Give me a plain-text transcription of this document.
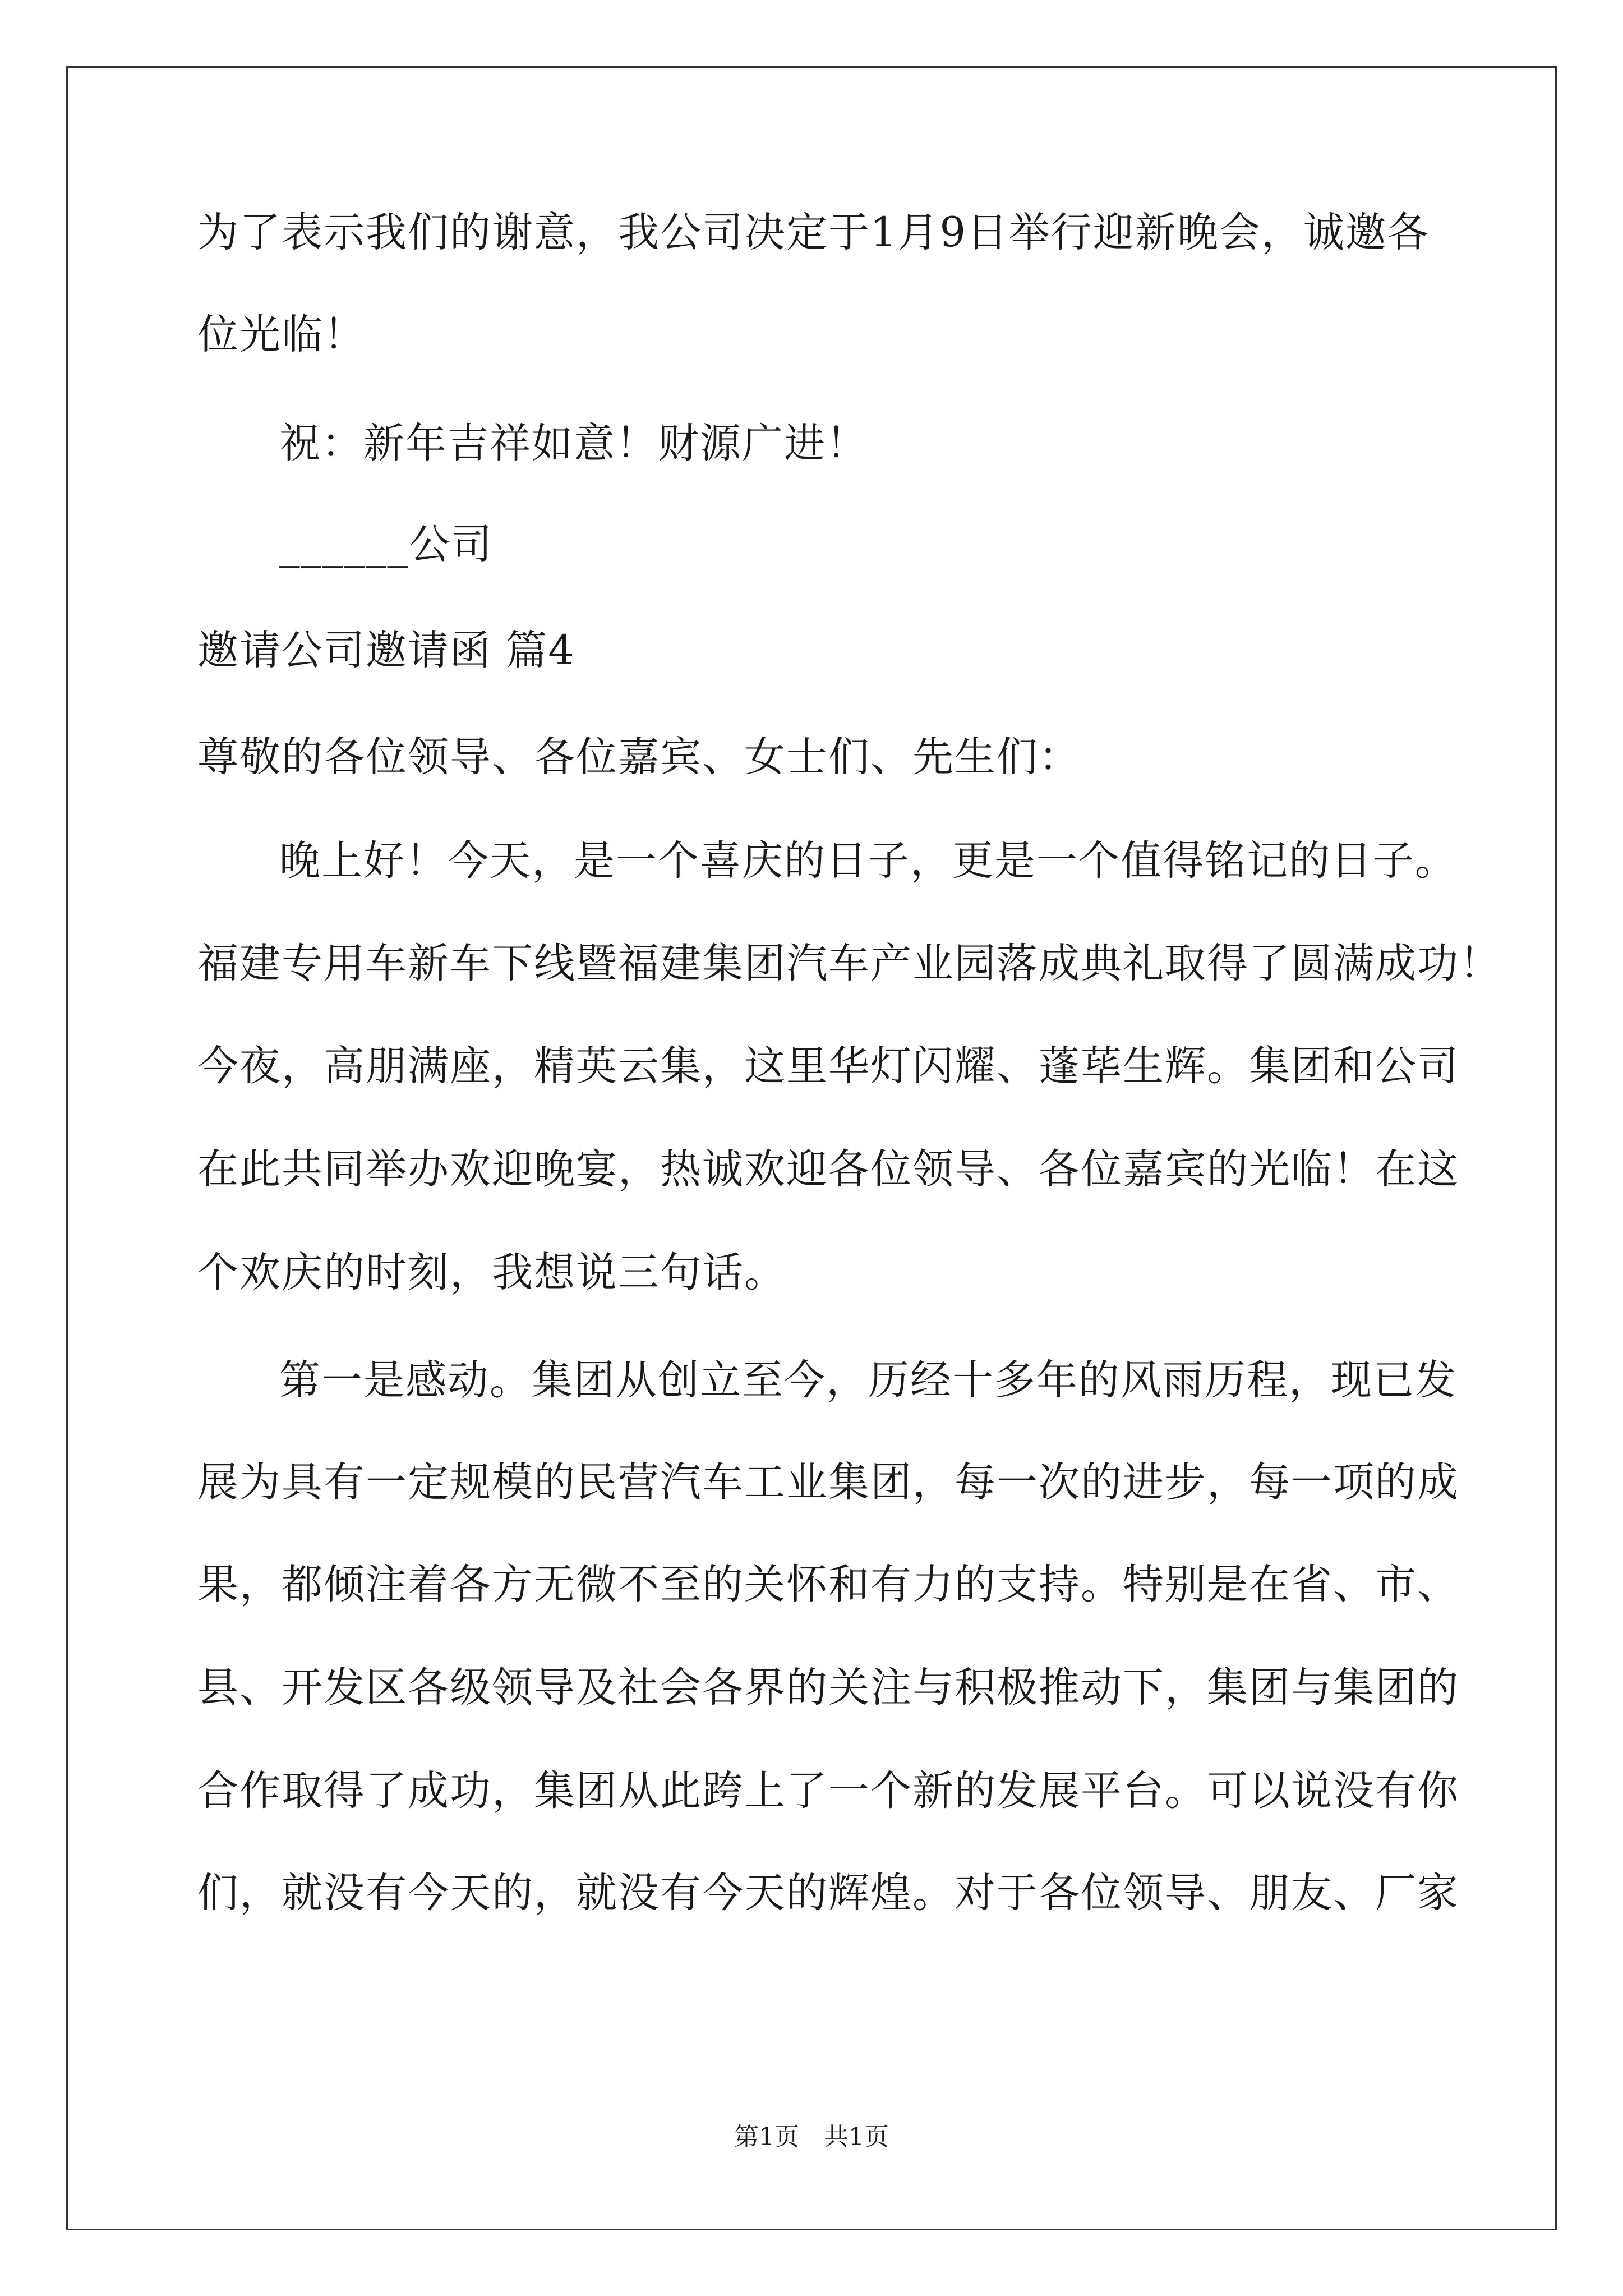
为了表示我们的谢意，我公司决定于1月9日举行迎新晚会，诚邀各
位光临！
祝：新年吉祥如意！财源广进！
______公司
邀请公司邀请函 篇4
尊敬的各位领导、各位嘉宾、女士们、先生们：
晚上好！今天，是一个喜庆的日子，更是一个值得铭记的日子。
福建专用车新车下线暨福建集团汽车产业园落成典礼取得了圆满成功！
今夜，高朋满座，精英云集，这里华灯闪耀、蓬荜生辉。集团和公司
在此共同举办欢迎晚宴，热诚欢迎各位领导、各位嘉宾的光临！在这
个欢庆的时刻，我想说三句话。
第一是感动。集团从创立至今，历经十多年的风雨历程，现已发
展为具有一定规模的民营汽车工业集团，每一次的进步，每一项的成
果，都倾注着各方无微不至的关怀和有力的支持。特别是在省、市、
县、开发区各级领导及社会各界的关注与积极推动下，集团与集团的
合作取得了成功，集团从此跨上了一个新的发展平台。可以说没有你
们，就没有今天的，就没有今天的辉煌。对于各位领导、朋友、厂家
第1页　共1页
